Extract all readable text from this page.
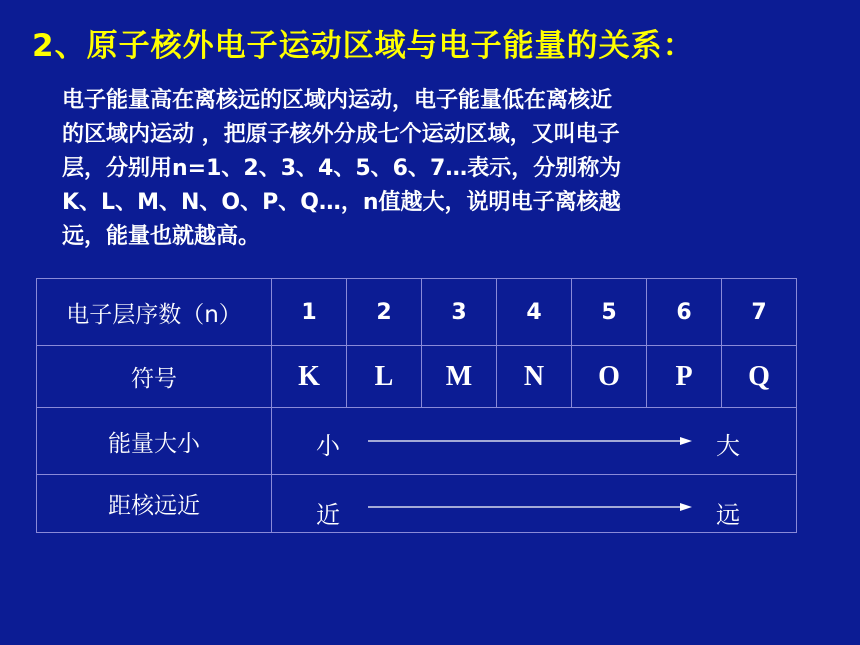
2、原子核外电子运动区域与电子能量的关系：

电子能量高在离核远的区域内运动，电子能量低在离核近

的区域内运动 ，把原子核外分成七个运动区域，又叫电子

层，分别用n=1、2、3、4、5、6、7…表示，分别称为

K、L、M、N、O、P、Q…，n值越大，说明电子离核越

远，能量也就越高。

电子层序数（n）	1	2	3	4	5	6	7
符号	K	L	M	N	O	P	Q
能量大小	小 大						

距核远近	近 远						
